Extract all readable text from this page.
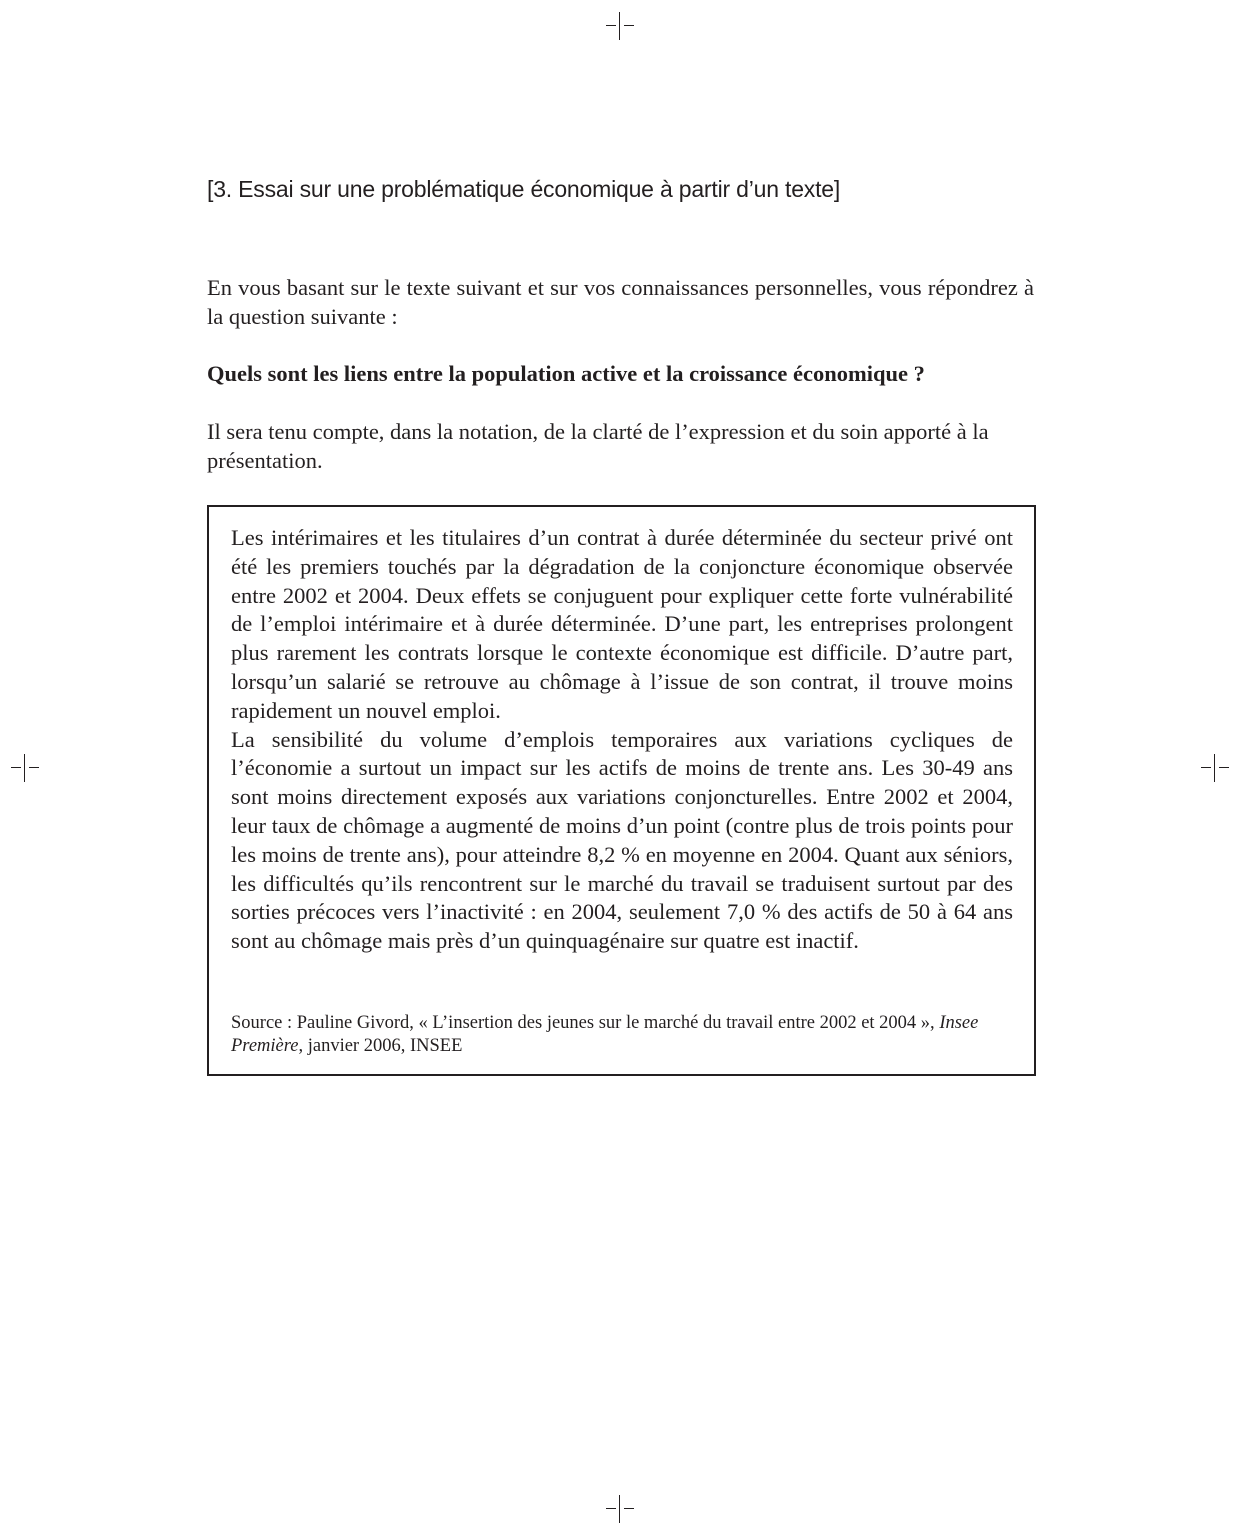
[3. Essai sur une problématique économique à partir d’un texte]

En vous basant sur le texte suivant et sur vos connaissances personnelles, vous répondrez à la question suivante :

Quels sont les liens entre la population active et la croissance économique ?

Il sera tenu compte, dans la notation, de la clarté de l’expression et du soin apporté à la présentation.

Les intérimaires et les titulaires d’un contrat à durée déterminée du secteur privé ont été les premiers touchés par la dégradation de la conjoncture économique observée entre 2002 et 2004. Deux effets se conjuguent pour expliquer cette forte vulnérabilité de l’emploi intérimaire et à durée déterminée. D’une part, les entreprises prolongent plus rarement les contrats lorsque le contexte économique est difficile. D’autre part, lorsqu’un salarié se retrouve au chômage à l’issue de son contrat, il trouve moins rapidement un nouvel emploi.

La sensibilité du volume d’emplois temporaires aux variations cycliques de l’économie a surtout un impact sur les actifs de moins de trente ans. Les 30-49 ans sont moins directement exposés aux variations conjoncturelles. Entre 2002 et 2004, leur taux de chômage a augmenté de moins d’un point (contre plus de trois points pour les moins de trente ans), pour atteindre 8,2 % en moyenne en 2004. Quant aux séniors, les difficultés qu’ils rencontrent sur le marché du travail se traduisent surtout par des sorties précoces vers l’inactivité : en 2004, seulement 7,0 % des actifs de 50 à 64 ans sont au chômage mais près d’un quinquagénaire sur quatre est inactif.

Source : Pauline Givord, « L’insertion des jeunes sur le marché du travail entre 2002 et 2004 », Insee Première, janvier 2006, INSEE
